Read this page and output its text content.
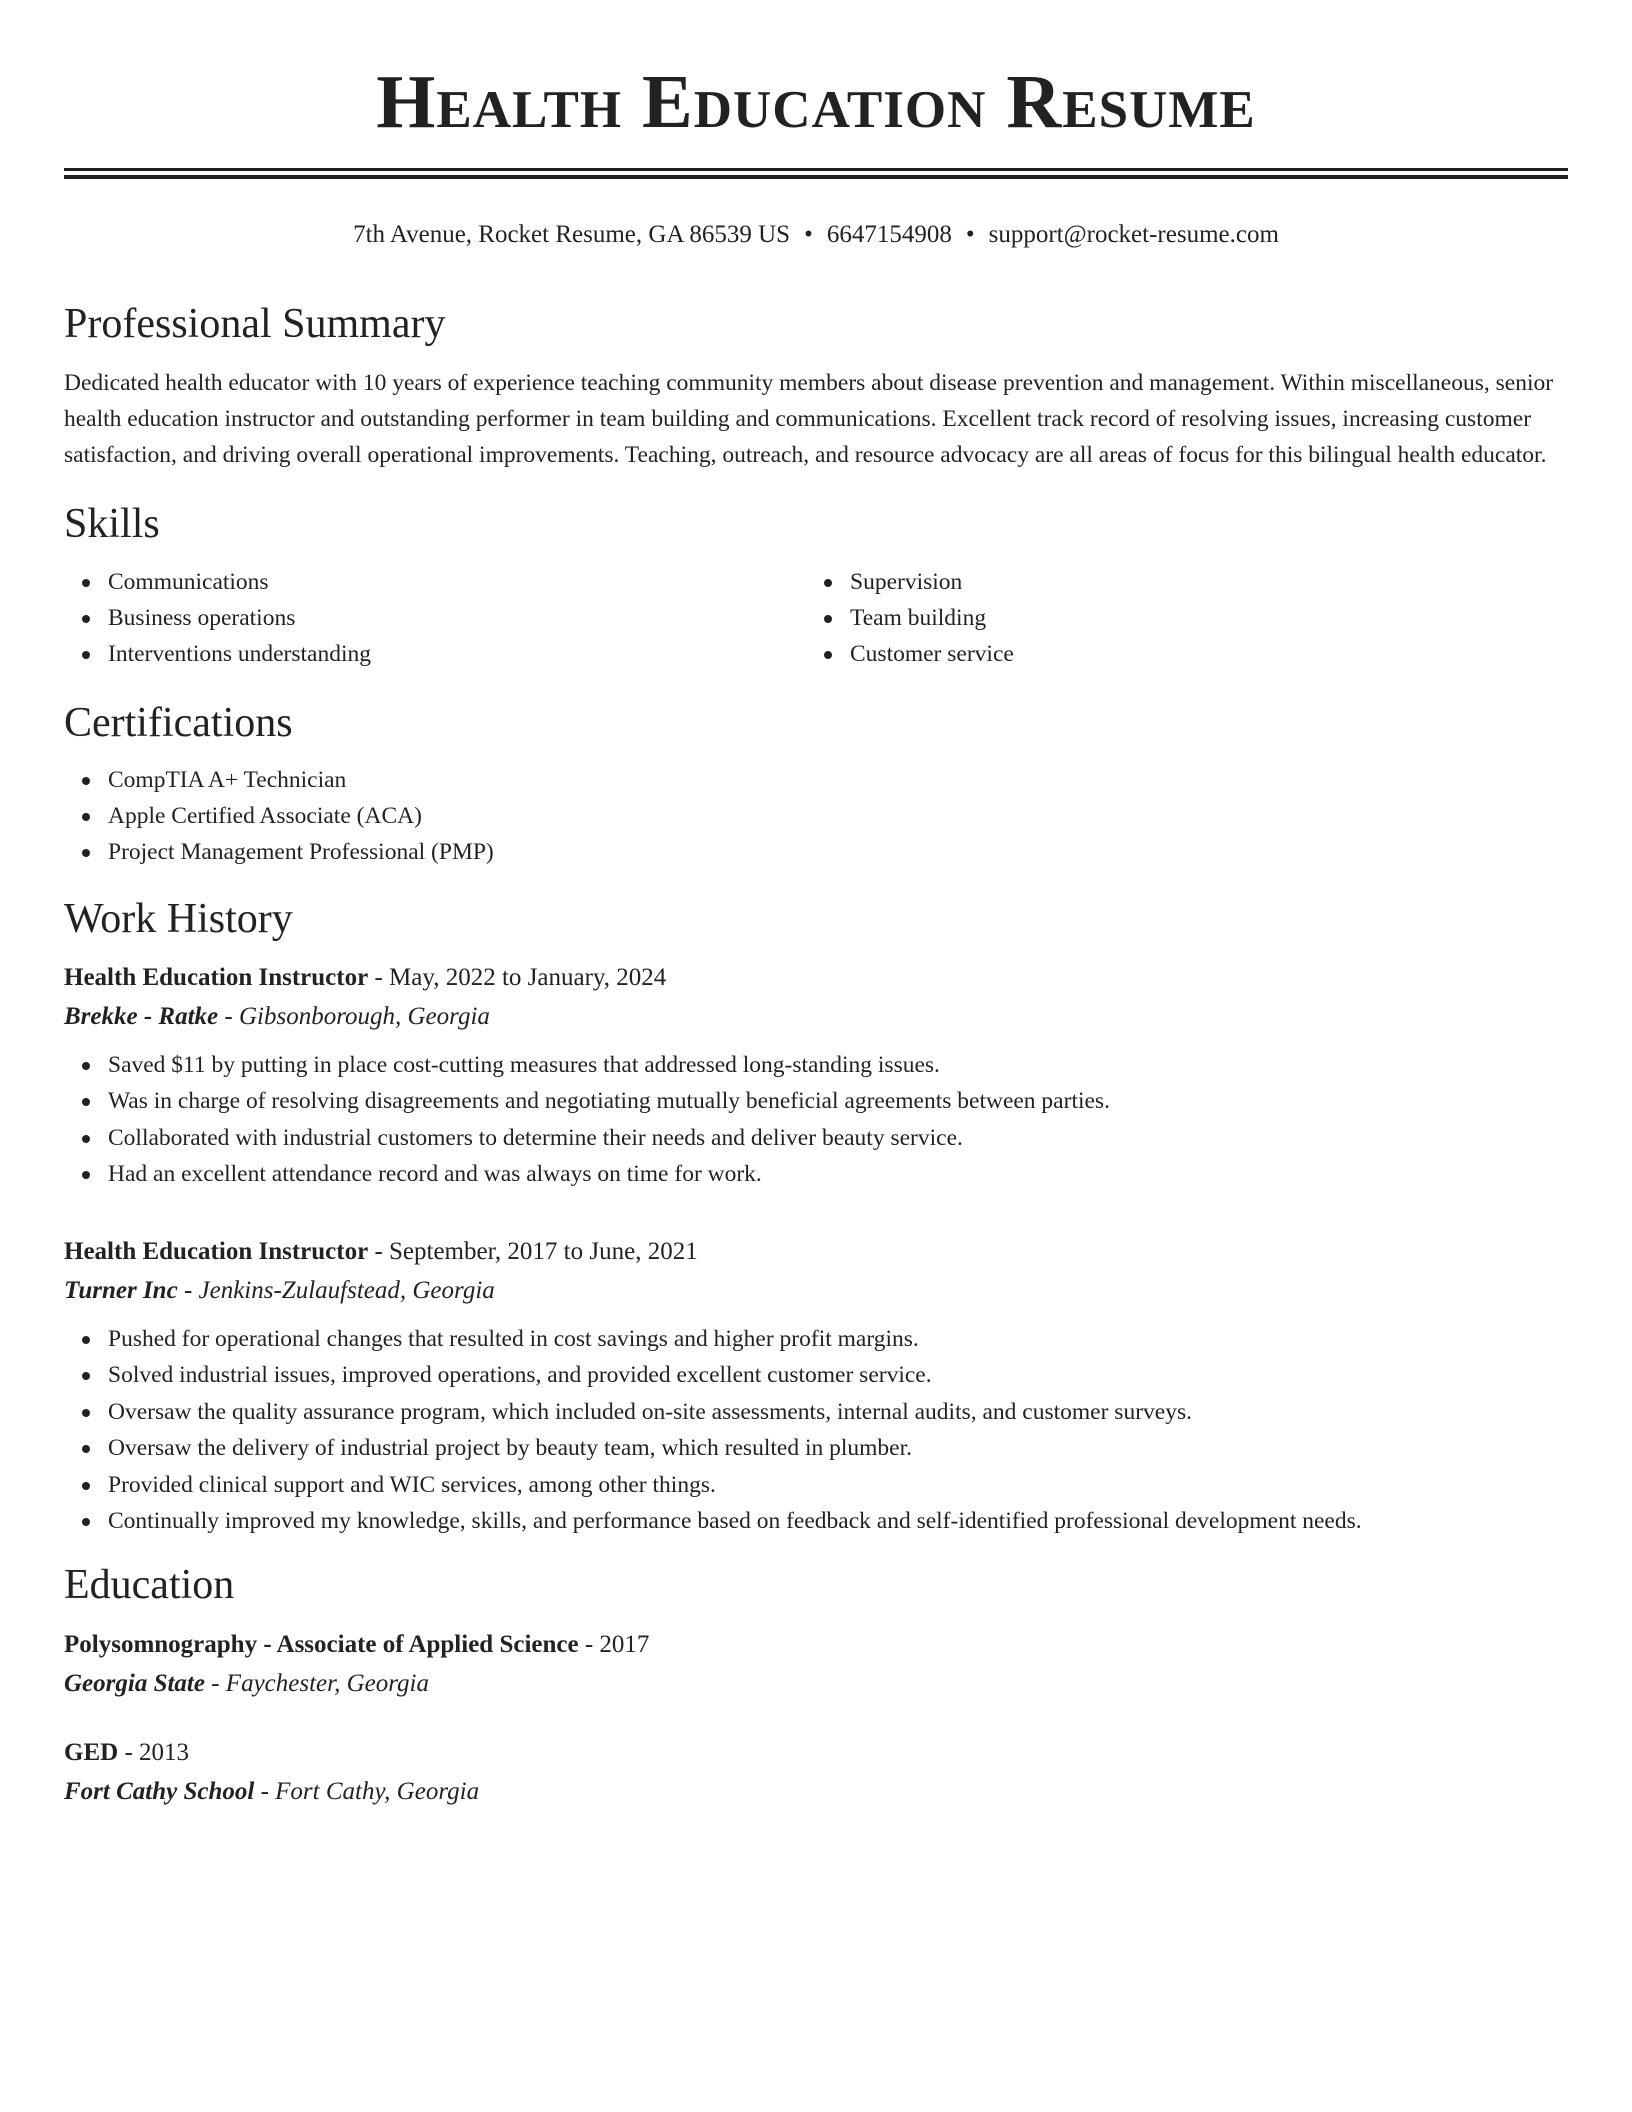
Health Education Resume
7th Avenue, Rocket Resume, GA 86539 US • 6647154908 • support@rocket-resume.com
Professional Summary

Dedicated health educator with 10 years of experience teaching community members about disease prevention and management. Within miscellaneous, senior health education instructor and outstanding performer in team building and communications. Excellent track record of resolving issues, increasing customer satisfaction, and driving overall operational improvements. Teaching, outreach, and resource advocacy are all areas of focus for this bilingual health educator.

Skills
Communications
Business operations
Interventions understanding
Supervision
Team building
Customer service
Certifications
CompTIA A+ Technician
Apple Certified Associate (ACA)
Project Management Professional (PMP)
Work History
Health Education Instructor - May, 2022 to January, 2024
Brekke - Ratke - Gibsonborough, Georgia
Saved $11 by putting in place cost-cutting measures that addressed long-standing issues.
Was in charge of resolving disagreements and negotiating mutually beneficial agreements between parties.
Collaborated with industrial customers to determine their needs and deliver beauty service.
Had an excellent attendance record and was always on time for work.
Health Education Instructor - September, 2017 to June, 2021
Turner Inc - Jenkins-Zulaufstead, Georgia
Pushed for operational changes that resulted in cost savings and higher profit margins.
Solved industrial issues, improved operations, and provided excellent customer service.
Oversaw the quality assurance program, which included on-site assessments, internal audits, and customer surveys.
Oversaw the delivery of industrial project by beauty team, which resulted in plumber.
Provided clinical support and WIC services, among other things.
Continually improved my knowledge, skills, and performance based on feedback and self-identified professional development needs.
Education
Polysomnography - Associate of Applied Science - 2017
Georgia State - Faychester, Georgia
GED - 2013
Fort Cathy School - Fort Cathy, Georgia
